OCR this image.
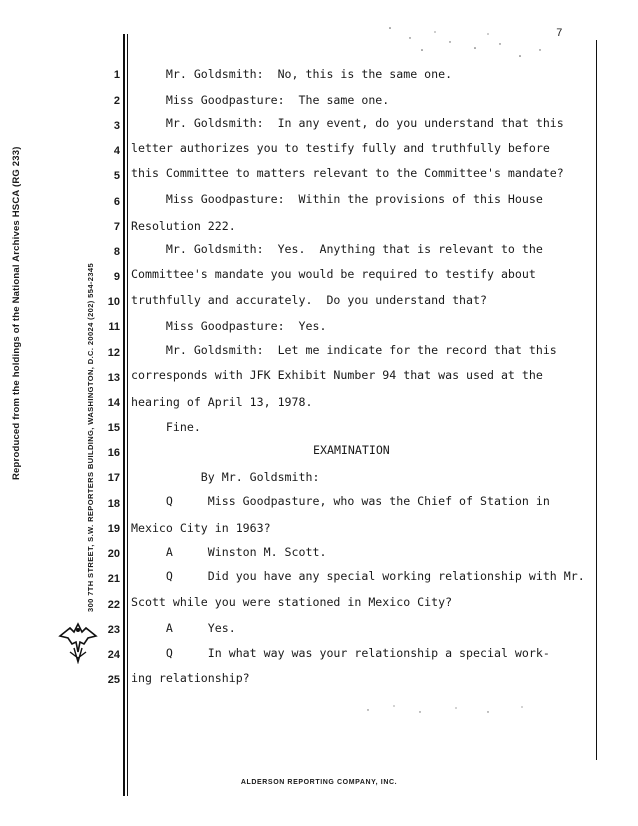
7
Reproduced from the holdings of the National Archives HSCA (RG 233)	300 7TH STREET, S.W. REPORTERS BUILDING, WASHINGTON, D.C. 20024 (202) 554-2345
1 Mr. Goldsmith:  No, this is the same one.
2 Miss Goodpasture:  The same one.
3 Mr. Goldsmith:  In any event, do you understand that this
4 letter authorizes you to testify fully and truthfully before
5 this Committee to matters relevant to the Committee's mandate?
6 Miss Goodpasture:  Within the provisions of this House
7 Resolution 222.
8 Mr. Goldsmith:  Yes.  Anything that is relevant to the
9 Committee's mandate you would be required to testify about
10 truthfully and accurately.  Do you understand that?
11 Miss Goodpasture:  Yes.
12 Mr. Goldsmith:  Let me indicate for the record that this
13 corresponds with JFK Exhibit Number 94 that was used at the
14 hearing of April 13, 1978.
15 Fine.
16	EXAMINATION
17 By Mr. Goldsmith:
18 Q     Miss Goodpasture, who was the Chief of Station in
19 Mexico City in 1963?
20 A     Winston M. Scott.
21 Q     Did you have any special working relationship with Mr.
22 Scott while you were stationed in Mexico City?
23 A     Yes.
24 Q     In what way was your relationship a special work-
25 ing relationship?
ALDERSON REPORTING COMPANY, INC.
